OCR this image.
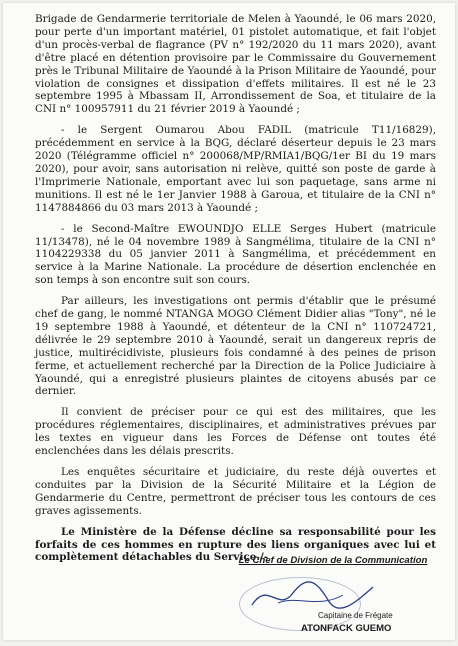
Brigade de Gendarmerie territoriale de Melen à Yaoundé, le 06 mars 2020, pour perte d'un important matériel, 01 pistolet automatique, et fait l'objet d'un procès-verbal de flagrance (PV n° 192/2020 du 11 mars 2020), avant d'être placé en détention provisoire par le Commissaire du Gouvernement près le Tribunal Militaire de Yaoundé à la Prison Militaire de Yaoundé, pour violation de consignes et dissipation d'effets militaires. Il est né le 23 septembre 1995 à Mbassam II, Arrondissement de Soa, et titulaire de la CNI n° 100957911 du 21 février 2019 à Yaoundé ;

- le Sergent Oumarou Abou FADIL (matricule T11/16829), précédemment en service à la BQG, déclaré déserteur depuis le 23 mars 2020 (Télégramme officiel n° 200068/MP/RMIA1/BQG/1er BI du 19 mars 2020), pour avoir, sans autorisation ni relève, quitté son poste de garde à l'Imprimerie Nationale, emportant avec lui son paquetage, sans arme ni munitions. Il est né le 1er Janvier 1988 à Garoua, et titulaire de la CNI n° 1147884866 du 03 mars 2013 à Yaoundé ;

- le Second-Maître EWOUNDJO ELLE Serges Hubert (matricule 11/13478), né le 04 novembre 1989 à Sangmélima, titulaire de la CNI n° 1104229338 du 05 janvier 2011 à Sangmélima, et précédemment en service à la Marine Nationale. La procédure de désertion enclenchée en son temps à son encontre suit son cours.

Par ailleurs, les investigations ont permis d'établir que le présumé chef de gang, le nommé NTANGA MOGO Clément Didier alias "Tony", né le 19 septembre 1988 à Yaoundé, et détenteur de la CNI n° 110724721, délivrée le 29 septembre 2010 à Yaoundé, serait un dangereux repris de justice, multirécidiviste, plusieurs fois condamné à des peines de prison ferme, et actuellement recherché par la Direction de la Police Judiciaire à Yaoundé, qui a enregistré plusieurs plaintes de citoyens abusés par ce dernier.

Il convient de préciser pour ce qui est des militaires, que les procédures réglementaires, disciplinaires, et administratives prévues par les textes en vigueur dans les Forces de Défense ont toutes été enclenchées dans les délais prescrits.

Les enquêtes sécuritaire et judiciaire, du reste déjà ouvertes et conduites par la Division de la Sécurité Militaire et la Légion de Gendarmerie du Centre, permettront de préciser tous les contours de ces graves agissements.

Le Ministère de la Défense décline sa responsabilité pour les forfaits de ces hommes en rupture des liens organiques avec lui et complètement détachables du Service./-

Le Chef de Division de la Communication
Capitaine de Frégate
ATONFACK GUEMO
